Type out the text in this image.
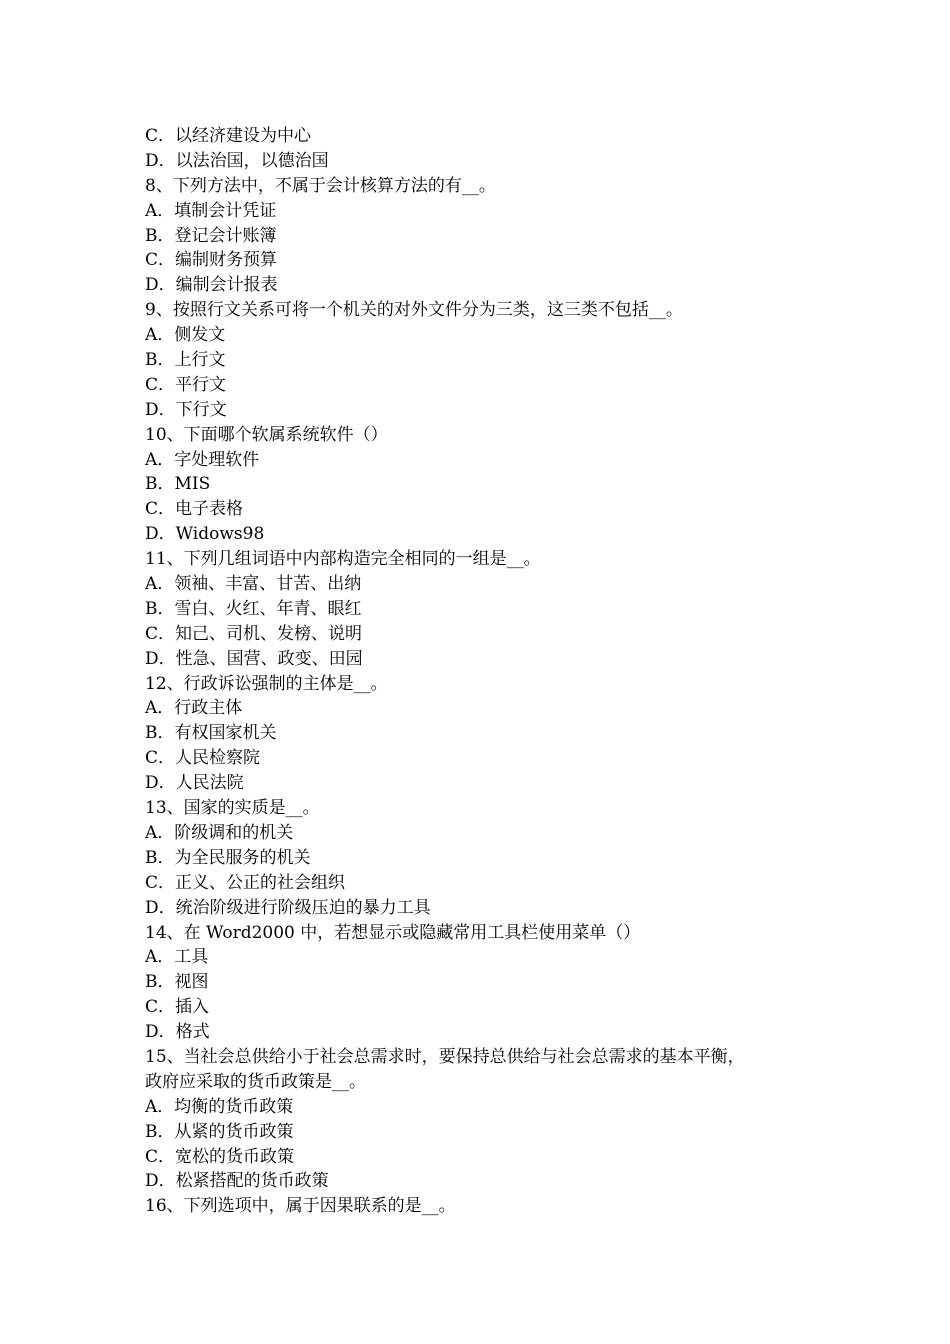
C．以经济建设为中心
D．以法治国，以德治国
8、下列方法中，不属于会计核算方法的有__。
A．填制会计凭证
B．登记会计账簿
C．编制财务预算
D．编制会计报表
9、按照行文关系可将一个机关的对外文件分为三类，这三类不包括__。
A．侧发文
B．上行文
C．平行文
D．下行文
10、下面哪个软属系统软件（）
A．字处理软件
B．MIS
C．电子表格
D．Widows98
11、下列几组词语中内部构造完全相同的一组是__。
A．领袖、丰富、甘苦、出纳
B．雪白、火红、年青、眼红
C．知己、司机、发榜、说明
D．性急、国营、政变、田园
12、行政诉讼强制的主体是__。
A．行政主体
B．有权国家机关
C．人民检察院
D．人民法院
13、国家的实质是__。
A．阶级调和的机关
B．为全民服务的机关
C．正义、公正的社会组织
D．统治阶级进行阶级压迫的暴力工具
14、在 Word2000 中，若想显示或隐藏常用工具栏使用菜单（）
A．工具
B．视图
C．插入
D．格式
15、当社会总供给小于社会总需求时，要保持总供给与社会总需求的基本平衡，
政府应采取的货币政策是__。
A．均衡的货币政策
B．从紧的货币政策
C．宽松的货币政策
D．松紧搭配的货币政策
16、下列选项中，属于因果联系的是__。
